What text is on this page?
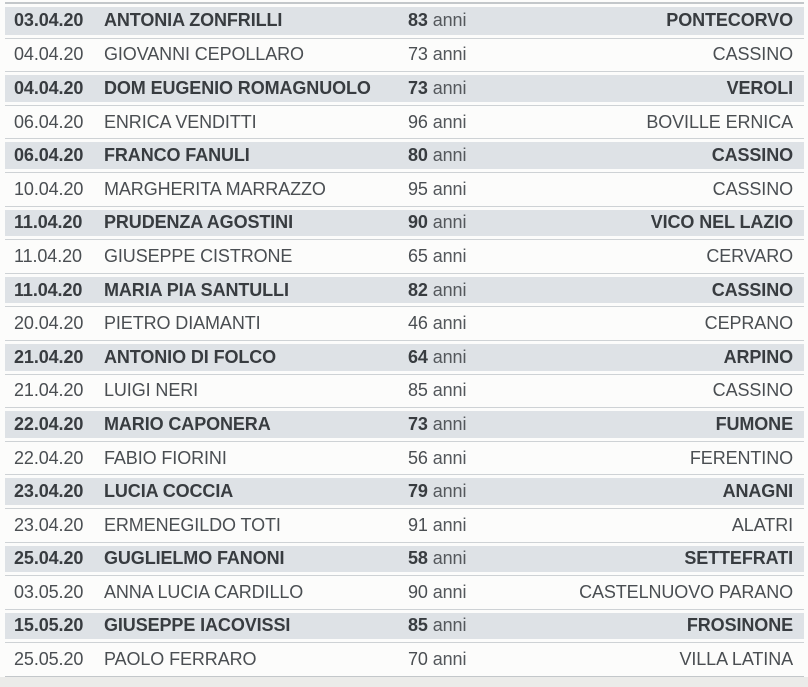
03.04.20	ANTONIA ZONFRILLI	83 anni	PONTECORVO
04.04.20	GIOVANNI CEPOLLARO	73 anni	CASSINO
04.04.20	DOM EUGENIO ROMAGNUOLO	73 anni	VEROLI
06.04.20	ENRICA VENDITTI	96 anni	BOVILLE ERNICA
06.04.20	FRANCO FANULI	80 anni	CASSINO
10.04.20	MARGHERITA MARRAZZO	95 anni	CASSINO
11.04.20	PRUDENZA AGOSTINI	90 anni	VICO NEL LAZIO
11.04.20	GIUSEPPE CISTRONE	65 anni	CERVARO
11.04.20	MARIA PIA SANTULLI	82 anni	CASSINO
20.04.20	PIETRO DIAMANTI	46 anni	CEPRANO
21.04.20	ANTONIO DI FOLCO	64 anni	ARPINO
21.04.20	LUIGI NERI	85 anni	CASSINO
22.04.20	MARIO CAPONERA	73 anni	FUMONE
22.04.20	FABIO FIORINI	56 anni	FERENTINO
23.04.20	LUCIA COCCIA	79 anni	ANAGNI
23.04.20	ERMENEGILDO TOTI	91 anni	ALATRI
25.04.20	GUGLIELMO FANONI	58 anni	SETTEFRATI
03.05.20	ANNA LUCIA CARDILLO	90 anni	CASTELNUOVO PARANO
15.05.20	GIUSEPPE IACOVISSI	85 anni	FROSINONE
25.05.20	PAOLO FERRARO	70 anni	VILLA LATINA
